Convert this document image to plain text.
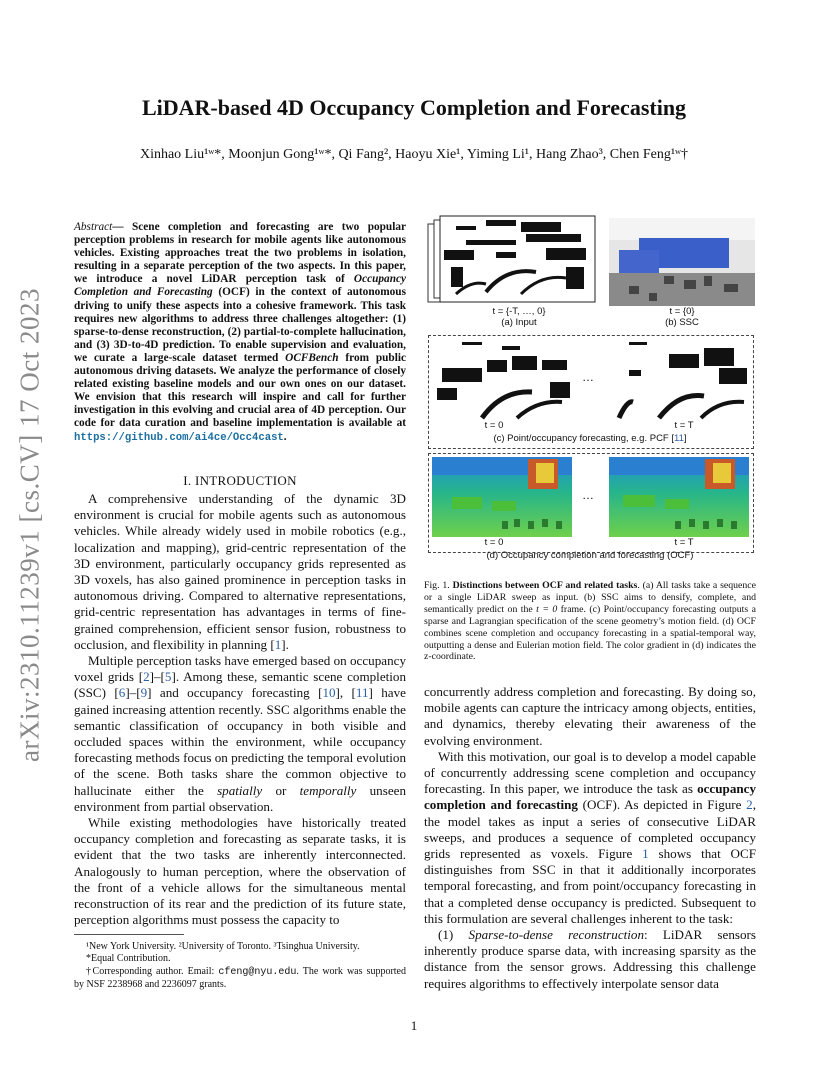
arXiv:2310.11239v1 [cs.CV] 17 Oct 2023
LiDAR-based 4D Occupancy Completion and Forecasting
Xinhao Liu¹ʷ*, Moonjun Gong¹ʷ*, Qi Fang², Haoyu Xie¹, Yiming Li¹, Hang Zhao³, Chen Feng¹ʷ†
Abstract— Scene completion and forecasting are two popular perception problems in research for mobile agents like autonomous vehicles. Existing approaches treat the two problems in isolation, resulting in a separate perception of the two aspects. In this paper, we introduce a novel LiDAR perception task of Occupancy Completion and Forecasting (OCF) in the context of autonomous driving to unify these aspects into a cohesive framework. This task requires new algorithms to address three challenges altogether: (1) sparse-to-dense reconstruction, (2) partial-to-complete hallucination, and (3) 3D-to-4D prediction. To enable supervision and evaluation, we curate a large-scale dataset termed OCFBench from public autonomous driving datasets. We analyze the performance of closely related existing baseline models and our own ones on our dataset. We envision that this research will inspire and call for further investigation in this evolving and crucial area of 4D perception. Our code for data curation and baseline implementation is available at https://github.com/ai4ce/Occ4cast.
I. INTRODUCTION

A comprehensive understanding of the dynamic 3D environment is crucial for mobile agents such as autonomous vehicles. While already widely used in mobile robotics (e.g., localization and mapping), grid-centric representation of the 3D environment, particularly occupancy grids represented as 3D voxels, has also gained prominence in perception tasks in autonomous driving. Compared to alternative representations, grid-centric representation has advantages in terms of fine-grained comprehension, efficient sensor fusion, robustness to occlusion, and flexibility in planning [1].

Multiple perception tasks have emerged based on occupancy voxel grids [2]–[5]. Among these, semantic scene completion (SSC) [6]–[9] and occupancy forecasting [10], [11] have gained increasing attention recently. SSC algorithms enable the semantic classification of occupancy in both visible and occluded spaces within the environment, while occupancy forecasting methods focus on predicting the temporal evolution of the scene. Both tasks share the common objective to hallucinate either the spatially or temporally unseen environment from partial observation.

While existing methodologies have historically treated occupancy completion and forecasting as separate tasks, it is evident that the two tasks are inherently interconnected. Analogously to human perception, where the observation of the front of a vehicle allows for the simultaneous mental reconstruction of its rear and the prediction of its future state, perception algorithms must possess the capacity to

¹New York University. ²University of Toronto. ³Tsinghua University.
*Equal Contribution.
†Corresponding author. Email: cfeng@nyu.edu. The work was supported by NSF 2238968 and 2236097 grants.
t = {-T, …, 0}
(a) Input
t = {0}
(b) SSC
…
t = 0	t = T
(c) Point/occupancy forecasting, e.g. PCF [11]
…
t = 0	t = T
(d) Occupancy completion and forecasting (OCF)
Fig. 1. Distinctions between OCF and related tasks. (a) All tasks take a sequence or a single LiDAR sweep as input. (b) SSC aims to densify, complete, and semantically predict on the t = 0 frame. (c) Point/occupancy forecasting outputs a sparse and Lagrangian specification of the scene geometry’s motion field. (d) OCF combines scene completion and occupancy forecasting in a spatial-temporal way, outputting a dense and Eulerian motion field. The color gradient in (d) indicates the z-coordinate.

concurrently address completion and forecasting. By doing so, mobile agents can capture the intricacy among objects, entities, and dynamics, thereby elevating their awareness of the evolving environment.

With this motivation, our goal is to develop a model capable of concurrently addressing scene completion and occupancy forecasting. In this paper, we introduce the task as occupancy completion and forecasting (OCF). As depicted in Figure 2, the model takes as input a series of consecutive LiDAR sweeps, and produces a sequence of completed occupancy grids represented as voxels. Figure 1 shows that OCF distinguishes from SSC in that it additionally incorporates temporal forecasting, and from point/occupancy forecasting in that a completed dense occupancy is predicted. Subsequent to this formulation are several challenges inherent to the task:

(1) Sparse-to-dense reconstruction: LiDAR sensors inherently produce sparse data, with increasing sparsity as the distance from the sensor grows. Addressing this challenge requires algorithms to effectively interpolate sensor data

1
